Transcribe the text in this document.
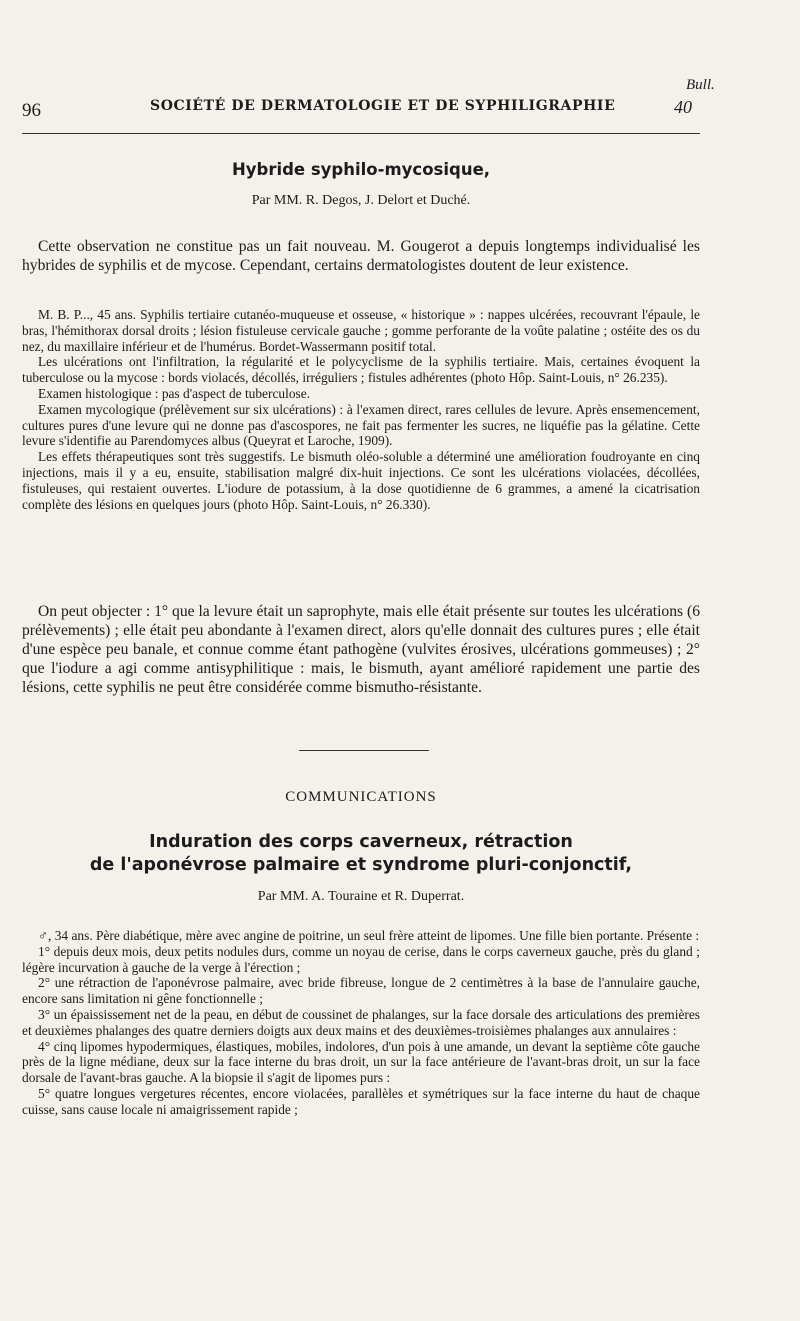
Bull.
96	SOCIÉTÉ DE DERMATOLOGIE ET DE SYPHILIGRAPHIE	40
Hybride syphilo-mycosique,
Par MM. R. Degos, J. Delort et Duché.
Cette observation ne constitue pas un fait nouveau. M. Gougerot a depuis longtemps individualisé les hybrides de syphilis et de mycose. Cependant, certains dermatologistes doutent de leur existence.

M. B. P..., 45 ans. Syphilis tertiaire cutanéo-muqueuse et osseuse, « historique » : nappes ulcérées, recouvrant l'épaule, le bras, l'hémithorax dorsal droits ; lésion fistuleuse cervicale gauche ; gomme perforante de la voûte palatine ; ostéite des os du nez, du maxillaire inférieur et de l'humérus. Bordet-Wassermann positif total.

Les ulcérations ont l'infiltration, la régularité et le polycyclisme de la syphilis tertiaire. Mais, certaines évoquent la tuberculose ou la mycose : bords violacés, décollés, irréguliers ; fistules adhérentes (photo Hôp. Saint-Louis, n° 26.235).

Examen histologique : pas d'aspect de tuberculose.

Examen mycologique (prélèvement sur six ulcérations) : à l'examen direct, rares cellules de levure. Après ensemencement, cultures pures d'une levure qui ne donne pas d'ascospores, ne fait pas fermenter les sucres, ne liquéfie pas la gélatine. Cette levure s'identifie au Parendomyces albus (Queyrat et Laroche, 1909).

Les effets thérapeutiques sont très suggestifs. Le bismuth oléo-soluble a déterminé une amélioration foudroyante en cinq injections, mais il y a eu, ensuite, stabilisation malgré dix-huit injections. Ce sont les ulcérations violacées, décollées, fistuleuses, qui restaient ouvertes. L'iodure de potassium, à la dose quotidienne de 6 grammes, a amené la cicatrisation complète des lésions en quelques jours (photo Hôp. Saint-Louis, n° 26.330).

On peut objecter : 1° que la levure était un saprophyte, mais elle était présente sur toutes les ulcérations (6 prélèvements) ; elle était peu abondante à l'examen direct, alors qu'elle donnait des cultures pures ; elle était d'une espèce peu banale, et connue comme étant pathogène (vulvites érosives, ulcérations gommeuses) ; 2° que l'iodure a agi comme antisyphilitique : mais, le bismuth, ayant amélioré rapidement une partie des lésions, cette syphilis ne peut être considérée comme bismutho-résistante.
COMMUNICATIONS
Induration des corps caverneux, rétraction
de l'aponévrose palmaire et syndrome pluri-conjonctif,
Par MM. A. Touraine et R. Duperrat.

♂, 34 ans. Père diabétique, mère avec angine de poitrine, un seul frère atteint de lipomes. Une fille bien portante. Présente :

1° depuis deux mois, deux petits nodules durs, comme un noyau de cerise, dans le corps caverneux gauche, près du gland ; légère incurvation à gauche de la verge à l'érection ;

2° une rétraction de l'aponévrose palmaire, avec bride fibreuse, longue de 2 centimètres à la base de l'annulaire gauche, encore sans limitation ni gêne fonctionnelle ;

3° un épaississement net de la peau, en début de coussinet de phalanges, sur la face dorsale des articulations des premières et deuxièmes phalanges des quatre derniers doigts aux deux mains et des deuxièmes-troisièmes phalanges aux annulaires :

4° cinq lipomes hypodermiques, élastiques, mobiles, indolores, d'un pois à une amande, un devant la septième côte gauche près de la ligne médiane, deux sur la face interne du bras droit, un sur la face antérieure de l'avant-bras droit, un sur la face dorsale de l'avant-bras gauche. A la biopsie il s'agit de lipomes purs :

5° quatre longues vergetures récentes, encore violacées, parallèles et symétriques sur la face interne du haut de chaque cuisse, sans cause locale ni amaigrissement rapide ;
